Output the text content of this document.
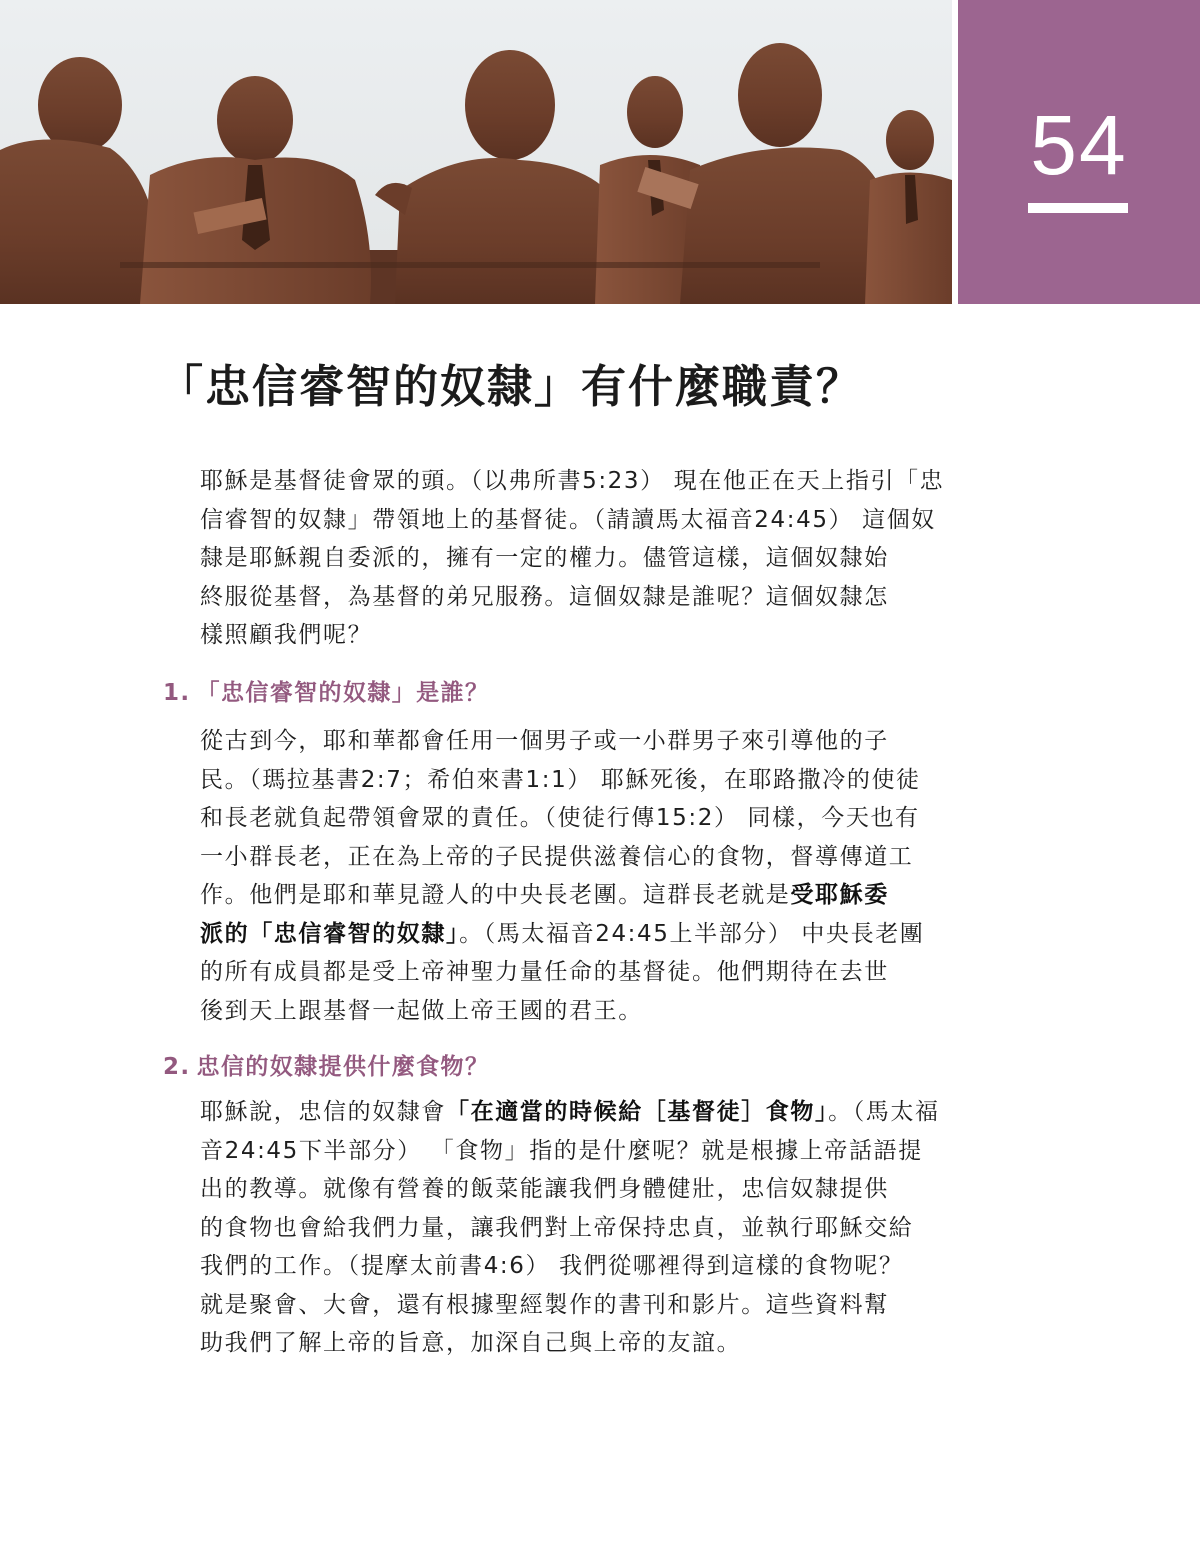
54
「忠信睿智的奴隸」有什麼職責？
耶穌是基督徒會眾的頭。（以弗所書5:23） 現在他正在天上指引「忠
信睿智的奴隸」帶領地上的基督徒。（請讀馬太福音24:45） 這個奴
隸是耶穌親自委派的，擁有一定的權力。儘管這樣，這個奴隸始
終服從基督，為基督的弟兄服務。這個奴隸是誰呢？這個奴隸怎
樣照顧我們呢？
1. 「忠信睿智的奴隸」是誰？
從古到今，耶和華都會任用一個男子或一小群男子來引導他的子
民。（瑪拉基書2:7；希伯來書1:1） 耶穌死後，在耶路撒冷的使徒
和長老就負起帶領會眾的責任。（使徒行傳15:2） 同樣，今天也有
一小群長老，正在為上帝的子民提供滋養信心的食物，督導傳道工
作。他們是耶和華見證人的中央長老團。這群長老就是受耶穌委
派的「忠信睿智的奴隸」。（馬太福音24:45上半部分） 中央長老團
的所有成員都是受上帝神聖力量任命的基督徒。他們期待在去世
後到天上跟基督一起做上帝王國的君王。
2. 忠信的奴隸提供什麼食物？
耶穌說，忠信的奴隸會「在適當的時候給［基督徒］食物」。（馬太福
音24:45下半部分） 「食物」指的是什麼呢？就是根據上帝話語提
出的教導。就像有營養的飯菜能讓我們身體健壯，忠信奴隸提供
的食物也會給我們力量，讓我們對上帝保持忠貞，並執行耶穌交給
我們的工作。（提摩太前書4:6） 我們從哪裡得到這樣的食物呢？
就是聚會、大會，還有根據聖經製作的書刊和影片。這些資料幫
助我們了解上帝的旨意，加深自己與上帝的友誼。
